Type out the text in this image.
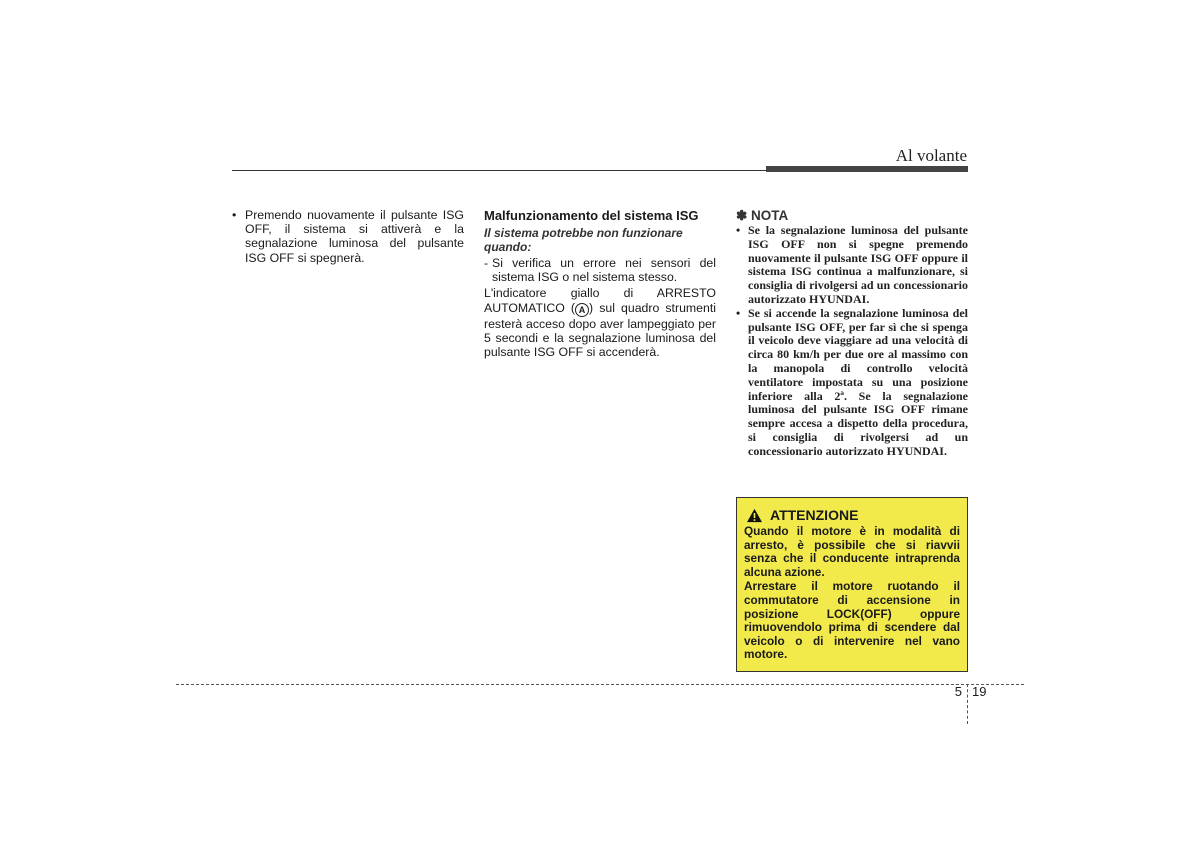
Al volante
• Premendo nuovamente il pulsante ISG OFF, il sistema si attiverà e la segnalazione luminosa del pulsante ISG OFF si spegnerà.
Malfunzionamento del sistema ISG
Il sistema potrebbe non funzionare quando:
- Si verifica un errore nei sensori del sistema ISG o nel sistema stesso.
L'indicatore giallo di ARRESTO AUTOMATICO ( A ) sul quadro strumenti resterà acceso dopo aver lampeggiato per 5 secondi e la segnalazione luminosa del pulsante ISG OFF si accenderà.
✽ NOTA
• Se la segnalazione luminosa del pulsante ISG OFF non si spegne premendo nuovamente il pulsante ISG OFF oppure il sistema ISG continua a malfunzionare, si consiglia di rivolgersi ad un concessionario autorizzato HYUNDAI.
• Se si accende la segnalazione luminosa del pulsante ISG OFF, per far sì che si spenga il veicolo deve viaggiare ad una velocità di circa 80 km/h per due ore al massimo con la manopola di controllo velocità ventilatore impostata su una posizione inferiore alla 2ª. Se la segnalazione luminosa del pulsante ISG OFF rimane sempre accesa a dispetto della procedura, si consiglia di rivolgersi ad un concessionario autorizzato HYUNDAI.
ATTENZIONE
Quando il motore è in modalità di arresto, è possibile che si riavvii senza che il conducente intraprenda alcuna azione.
Arrestare il motore ruotando il commutatore di accensione in posizione LOCK(OFF) oppure rimuovendolo prima di scendere dal veicolo o di intervenire nel vano motore.
5 19
